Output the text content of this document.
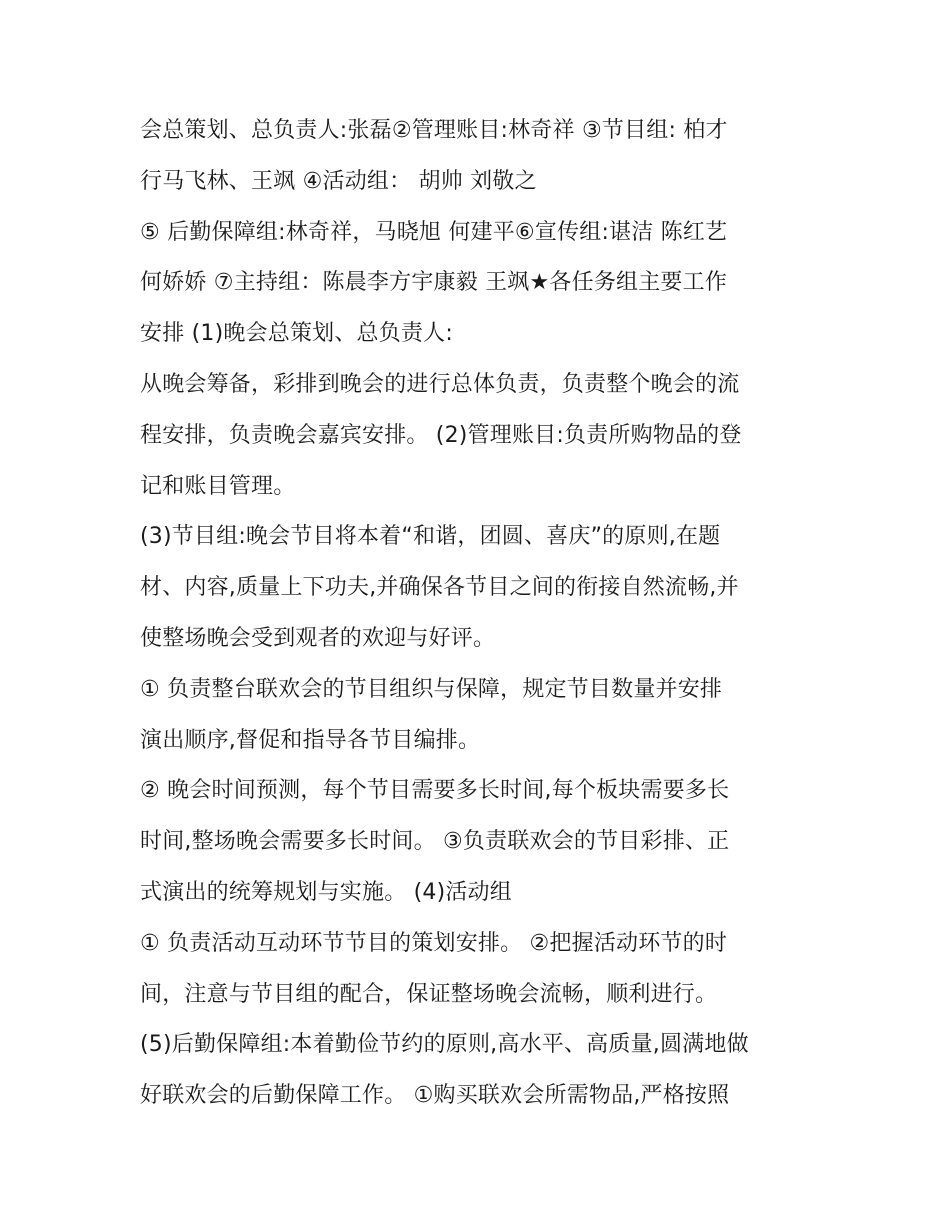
会总策划、总负责人:张磊②管理账目:林奇祥 ③节目组: 柏才
行马飞林、王飒 ④活动组： 胡帅 刘敬之
⑤ 后勤保障组:林奇祥，马晓旭 何建平⑥宣传组:谌洁 陈红艺
何娇娇 ⑦主持组：陈晨李方宇康毅 王飒★各任务组主要工作
安排 (1)晚会总策划、总负责人:
从晚会筹备，彩排到晚会的进行总体负责，负责整个晚会的流
程安排，负责晚会嘉宾安排。 (2)管理账目:负责所购物品的登
记和账目管理。
(3)节目组:晚会节目将本着“和谐，团圆、喜庆”的原则,在题
材、内容,质量上下功夫,并确保各节目之间的衔接自然流畅,并
使整场晚会受到观者的欢迎与好评。
① 负责整台联欢会的节目组织与保障，规定节目数量并安排
演出顺序,督促和指导各节目编排。
② 晚会时间预测，每个节目需要多长时间,每个板块需要多长
时间,整场晚会需要多长时间。 ③负责联欢会的节目彩排、正
式演出的统筹规划与实施。 (4)活动组
① 负责活动互动环节节目的策划安排。 ②把握活动环节的时
间，注意与节目组的配合，保证整场晚会流畅，顺利进行。
(5)后勤保障组:本着勤俭节约的原则,高水平、高质量,圆满地做
好联欢会的后勤保障工作。 ①购买联欢会所需物品,严格按照
